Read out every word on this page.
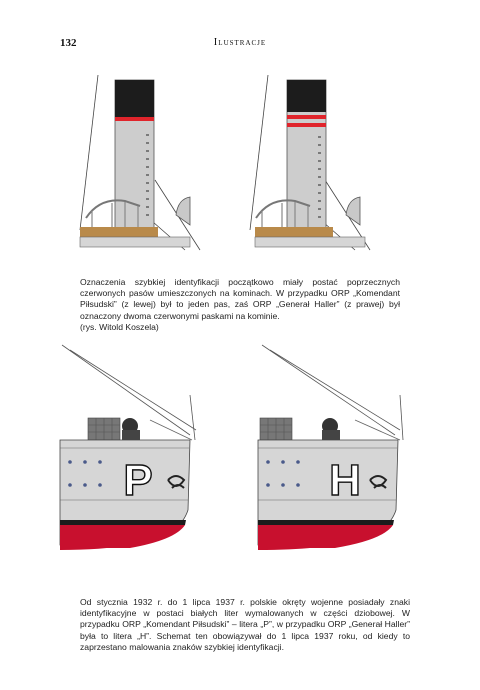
132	Ilustracje

Oznaczenia szybkiej identyfikacji początkowo miały postać poprzecznych czerwonych pasów umieszczonych na kominach. W przypadku ORP „Komendant Piłsudski” (z lewej) był to jeden pas, zaś ORP „Generał Haller” (z prawej) był oznaczony dwoma czerwonymi paskami na kominie.

(rys. Witold Koszela)

P	H

Od stycznia 1932 r. do 1 lipca 1937 r. polskie okręty wojenne posiadały znaki identyfikacyjne w postaci białych liter wymalowanych w części dziobowej. W przypadku ORP „Komendant Piłsudski” – litera „P”, w przypadku ORP „Generał Haller” była to litera „H”. Schemat ten obowiązywał do 1 lipca 1937 roku, od kiedy to zaprzestano malowania znaków szybkiej identyfikacji.
